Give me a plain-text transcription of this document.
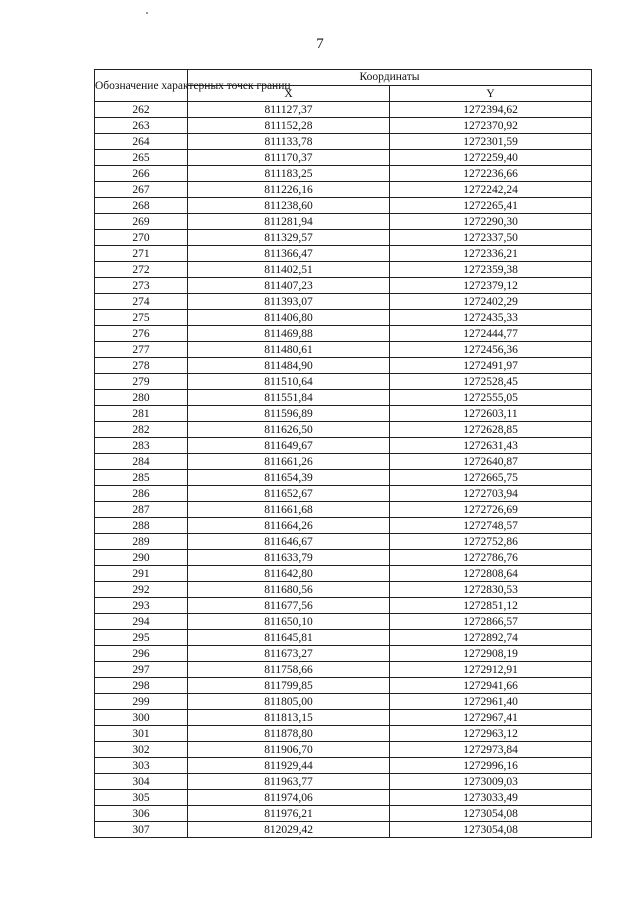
7
Обозначение характерных точек границ	Координаты	
	X	Y
262	811127,37	1272394,62
263	811152,28	1272370,92
264	811133,78	1272301,59
265	811170,37	1272259,40
266	811183,25	1272236,66
267	811226,16	1272242,24
268	811238,60	1272265,41
269	811281,94	1272290,30
270	811329,57	1272337,50
271	811366,47	1272336,21
272	811402,51	1272359,38
273	811407,23	1272379,12
274	811393,07	1272402,29
275	811406,80	1272435,33
276	811469,88	1272444,77
277	811480,61	1272456,36
278	811484,90	1272491,97
279	811510,64	1272528,45
280	811551,84	1272555,05
281	811596,89	1272603,11
282	811626,50	1272628,85
283	811649,67	1272631,43
284	811661,26	1272640,87
285	811654,39	1272665,75
286	811652,67	1272703,94
287	811661,68	1272726,69
288	811664,26	1272748,57
289	811646,67	1272752,86
290	811633,79	1272786,76
291	811642,80	1272808,64
292	811680,56	1272830,53
293	811677,56	1272851,12
294	811650,10	1272866,57
295	811645,81	1272892,74
296	811673,27	1272908,19
297	811758,66	1272912,91
298	811799,85	1272941,66
299	811805,00	1272961,40
300	811813,15	1272967,41
301	811878,80	1272963,12
302	811906,70	1272973,84
303	811929,44	1272996,16
304	811963,77	1273009,03
305	811974,06	1273033,49
306	811976,21	1273054,08
307	812029,42	1273054,08
